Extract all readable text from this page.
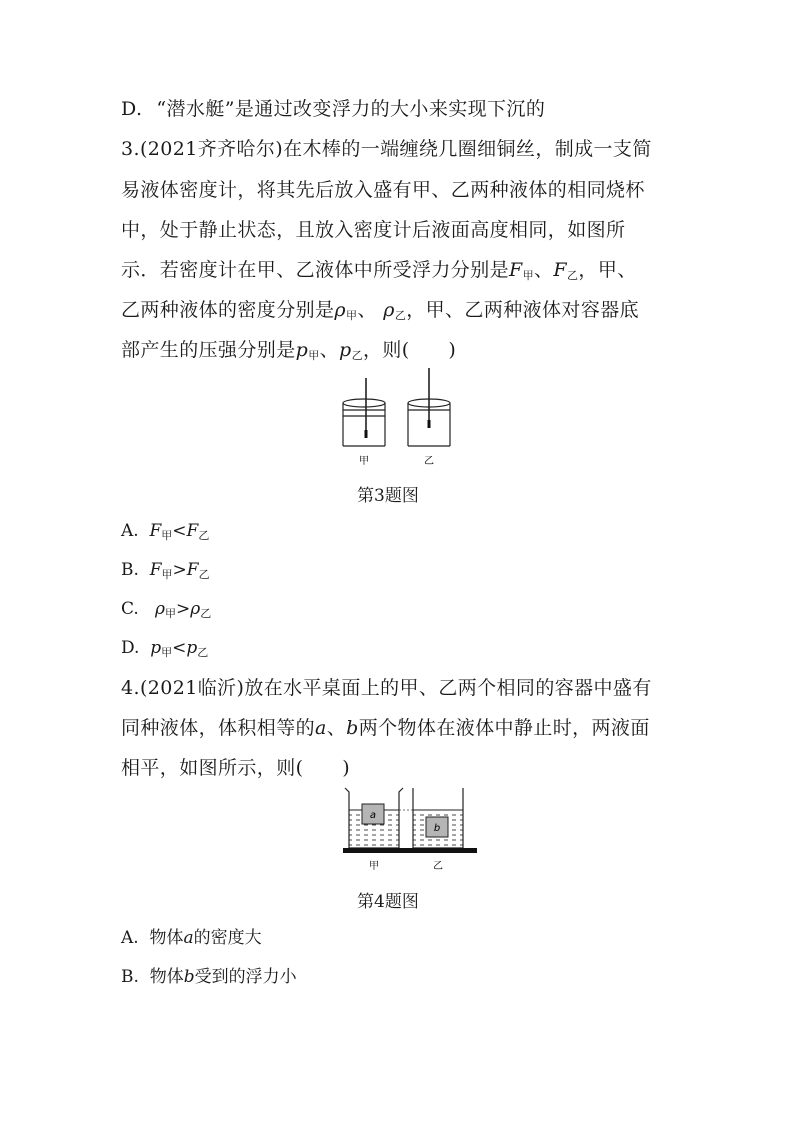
D. “潜水艇”是通过改变浮力的大小来实现下沉的
3.(2021齐齐哈尔)在木棒的一端缠绕几圈细铜丝，制成一支简
易液体密度计，将其先后放入盛有甲、乙两种液体的相同烧杯
中，处于静止状态，且放入密度计后液面高度相同，如图所
示．若密度计在甲、乙液体中所受浮力分别是$F_甲$、$F_乙$，甲、
乙两种液体的密度分别是$\rho_甲$、 $\rho_乙$，甲、乙两种液体对容器底
部产生的压强分别是$p_甲$、$p_乙$，则(　　)
甲	乙
第3题图
A. $F_甲<F_乙$
B. $F_甲>F_乙$
C. $\rho_甲>\rho_乙$
D. $p_甲<p_乙$
4.(2021临沂)放在水平桌面上的甲、乙两个相同的容器中盛有
同种液体，体积相等的a、b两个物体在液体中静止时，两液面
相平，如图所示，则(　　)
a
b
甲	乙
第4题图
A. 物体a的密度大
B. 物体b受到的浮力小
